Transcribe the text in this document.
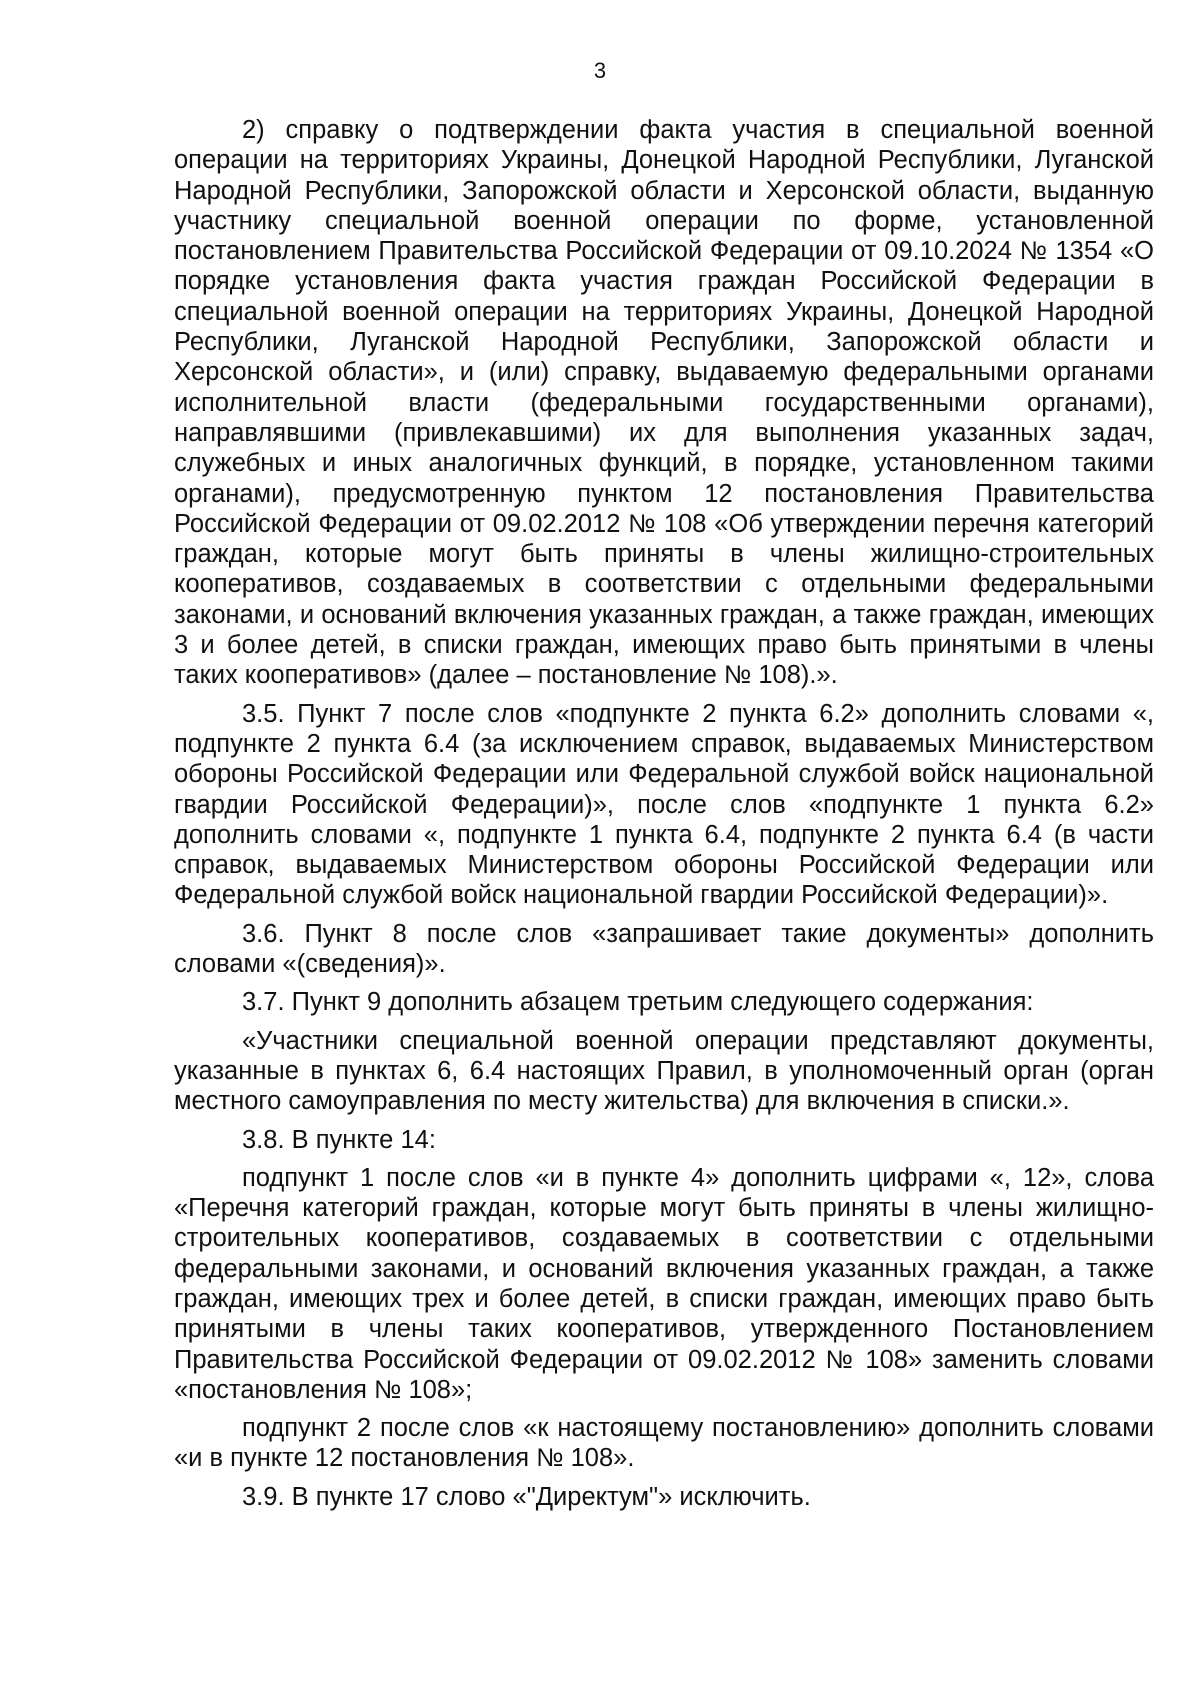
3

2) справку о подтверждении факта участия в специальной военной операции на территориях Украины, Донецкой Народной Республики, Луганской Народной Республики, Запорожской области и Херсонской области, выданную участнику специальной военной операции по форме, установленной постановлением Правительства Российской Федерации от 09.10.2024 № 1354 «О порядке установления факта участия граждан Российской Федерации в специальной военной операции на территориях Украины, Донецкой Народной Республики, Луганской Народной Республики, Запорожской области и Херсонской области», и (или) справку, выдаваемую федеральными органами исполнительной власти (федеральными государственными органами), направлявшими (привлекавшими) их для выполнения указанных задач, служебных и иных аналогичных функций, в порядке, установленном такими органами), предусмотренную пунктом 12 постановления Правительства Российской Федерации от 09.02.2012 № 108 «Об утверждении перечня категорий граждан, которые могут быть приняты в члены жилищно-строительных кооперативов, создаваемых в соответствии с отдельными федеральными законами, и оснований включения указанных граждан, а также граждан, имеющих 3 и более детей, в списки граждан, имеющих право быть принятыми в члены таких кооперативов» (далее – постановление № 108).».

3.5. Пункт 7 после слов «подпункте 2 пункта 6.2» дополнить словами «, подпункте 2 пункта 6.4 (за исключением справок, выдаваемых Министерством обороны Российской Федерации или Федеральной службой войск национальной гвардии Российской Федерации)», после слов «подпункте 1 пункта 6.2» дополнить словами «, подпункте 1 пункта 6.4, подпункте 2 пункта 6.4 (в части справок, выдаваемых Министерством обороны Российской Федерации или Федеральной службой войск национальной гвардии Российской Федерации)».

3.6. Пункт 8 после слов «запрашивает такие документы» дополнить словами «(сведения)».

3.7. Пункт 9 дополнить абзацем третьим следующего содержания:

«Участники специальной военной операции представляют документы, указанные в пунктах 6, 6.4 настоящих Правил, в уполномоченный орган (орган местного самоуправления по месту жительства) для включения в списки.».

3.8. В пункте 14:

подпункт 1 после слов «и в пункте 4» дополнить цифрами «, 12», слова «Перечня категорий граждан, которые могут быть приняты в члены жилищно-строительных кооперативов, создаваемых в соответствии с отдельными федеральными законами, и оснований включения указанных граждан, а также граждан, имеющих трех и более детей, в списки граждан, имеющих право быть принятыми в члены таких кооперативов, утвержденного Постановлением Правительства Российской Федерации от 09.02.2012 № 108» заменить словами «постановления № 108»;

подпункт 2 после слов «к настоящему постановлению» дополнить словами «и в пункте 12 постановления № 108».

3.9. В пункте 17 слово «"Директум"» исключить.
